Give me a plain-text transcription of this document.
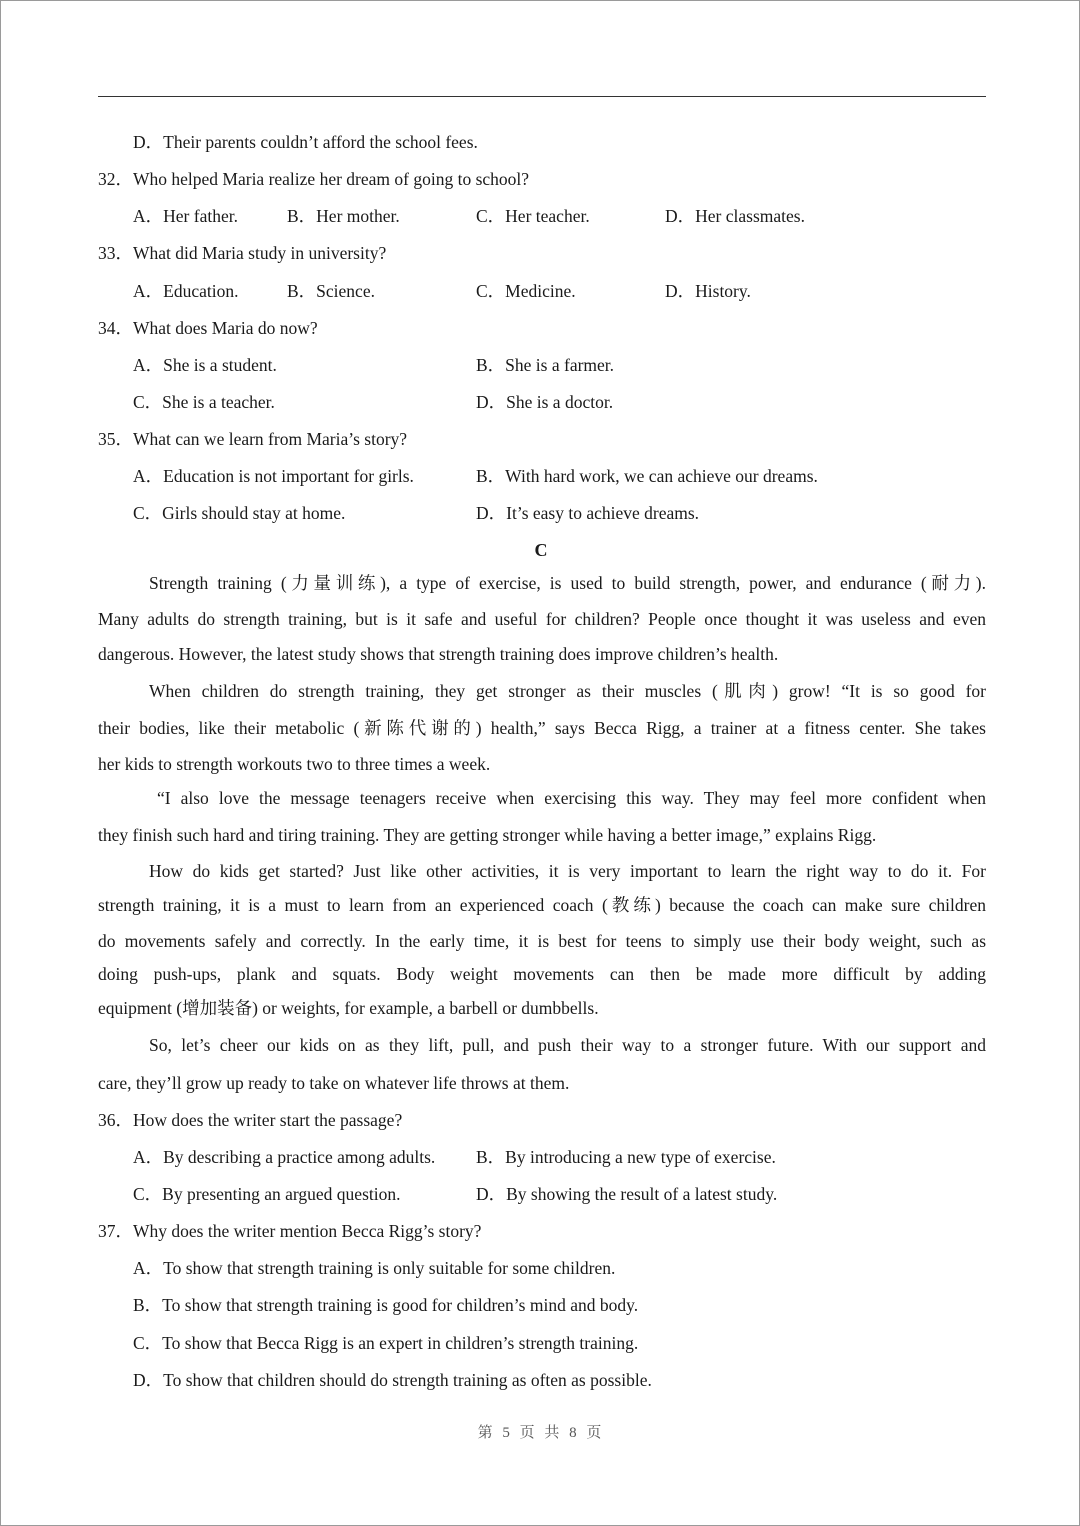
D．Their parents couldn’t afford the school fees.
32．Who helped Maria realize her dream of going to school?
A．Her father.	B．Her mother.	C．Her teacher.	D．Her classmates.
33．What did Maria study in university?
A．Education.	B．Science.	C．Medicine.	D．History.
34．What does Maria do now?
A．She is a student.	B．She is a farmer.
C．She is a teacher.	D．She is a doctor.
35．What can we learn from Maria’s story?
A．Education is not important for girls.	B．With hard work, we can achieve our dreams.
C．Girls should stay at home.	D．It’s easy to achieve dreams.
C
Strength training (力量训练), a type of exercise, is used to build strength, power, and endurance (耐力).
Many adults do strength training, but is it safe and useful for children? People once thought it was useless and even
dangerous. However, the latest study shows that strength training does improve children’s health.
When children do strength training, they get stronger as their muscles (肌肉) grow! “It is so good for
their bodies, like their metabolic (新陈代谢的) health,” says Becca Rigg, a trainer at a fitness center. She takes
her kids to strength workouts two to three times a week.
“I also love the message teenagers receive when exercising this way. They may feel more confident when
they finish such hard and tiring training. They are getting stronger while having a better image,” explains Rigg.
How do kids get started? Just like other activities, it is very important to learn the right way to do it. For
strength training, it is a must to learn from an experienced coach (教练) because the coach can make sure children
do movements safely and correctly. In the early time, it is best for teens to simply use their body weight, such as
doing push-ups, plank and squats. Body weight movements can then be made more difficult by adding
equipment (增加装备) or weights, for example, a barbell or dumbbells.
So, let’s cheer our kids on as they lift, pull, and push their way to a stronger future. With our support and
care, they’ll grow up ready to take on whatever life throws at them.
36．How does the writer start the passage?
A．By describing a practice among adults. B．By introducing a new type of exercise.
C．By presenting an argued question.	D．By showing the result of a latest study.
37．Why does the writer mention Becca Rigg’s story?
A．To show that strength training is only suitable for some children.
B．To show that strength training is good for children’s mind and body.
C．To show that Becca Rigg is an expert in children’s strength training.
D．To show that children should do strength training as often as possible.
第 5 页 共 8 页
